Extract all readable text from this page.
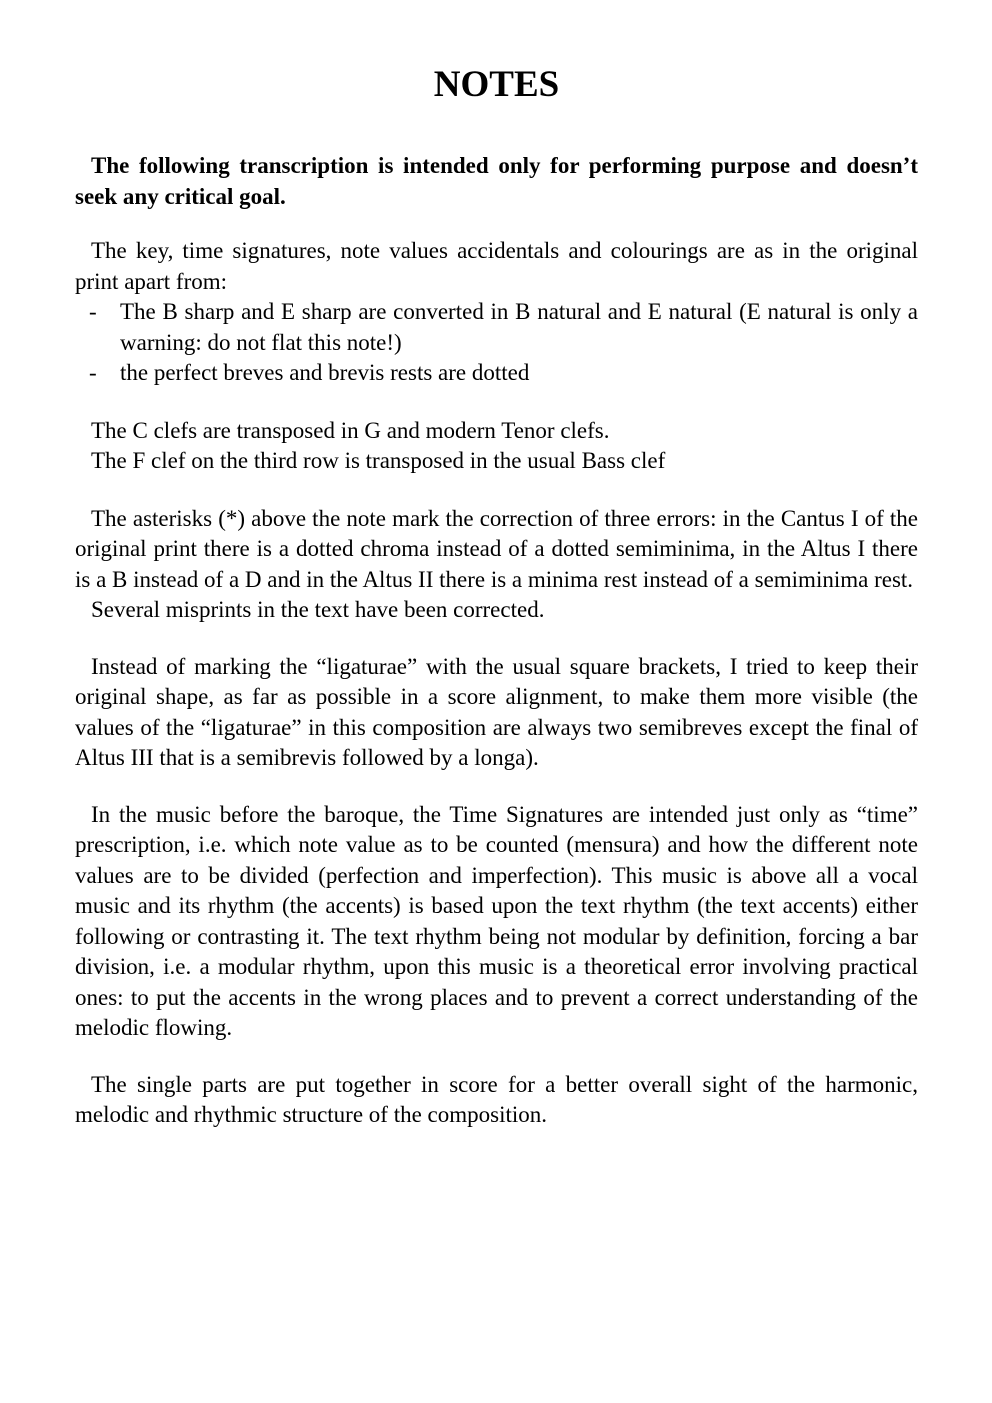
NOTES

The following transcription is intended only for performing purpose and doesn’t seek any critical goal.

The key, time signatures, note values accidentals and colourings are as in the original print apart from:

- The B sharp and E sharp are converted in B natural and E natural (E natural is only a warning: do not flat this note!)
- the perfect breves and brevis rests are dotted
The C clefs are transposed in G and modern Tenor clefs.
The F clef on the third row is transposed in the usual Bass clef

The asterisks (*) above the note mark the correction of three errors: in the Cantus I of the original print there is a dotted chroma instead of a dotted semiminima, in the Altus I there is a B instead of a D and in the Altus II there is a minima rest instead of a semiminima rest.

Several misprints in the text have been corrected.

Instead of marking the “ligaturae” with the usual square brackets, I tried to keep their original shape, as far as possible in a score alignment, to make them more visible (the values of the “ligaturae” in this composition are always two semibreves except the final of Altus III that is a semibrevis followed by a longa).

In the music before the baroque, the Time Signatures are intended just only as “time” prescription, i.e. which note value as to be counted (mensura) and how the different note values are to be divided (perfection and imperfection). This music is above all a vocal music and its rhythm (the accents) is based upon the text rhythm (the text accents) either following or contrasting it. The text rhythm being not modular by definition, forcing a bar division, i.e. a modular rhythm, upon this music is a theoretical error involving practical ones: to put the accents in the wrong places and to prevent a correct understanding of the melodic flowing.

The single parts are put together in score for a better overall sight of the harmonic, melodic and rhythmic structure of the composition.
